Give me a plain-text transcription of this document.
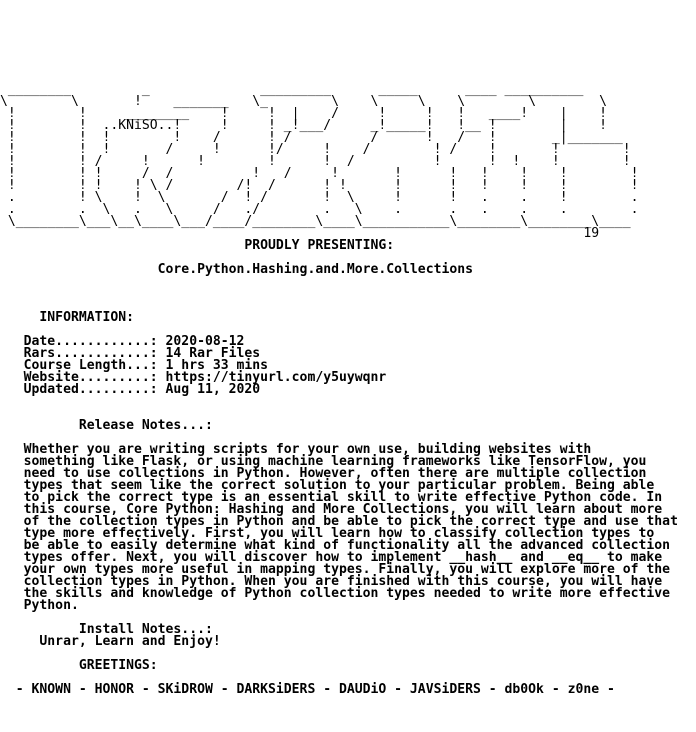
________         _              _________      _____      ____ __________
\        \       !    _______   \_        \    \     \    \        \        \
!        !     ________    !     !  |    /     !     !   !   ____!    |    !
!        !  ..KNiSO..!     !     ! _!___/     _!_____!   !__ !        |    !
!        !  !        !    /      ! /          /      !   /   !       _|_______
!        !  !       /     !      !/     !    /        ! /    !       !        !
!        ! /     !      !        !      !  /          !      !  !    !        !
!        ! !     /  /          !   /     !       !      !   !    !    !        !
!        ! !    ! \ /        /!  /      ! !      !      !   !    !    !        !
.        ! \    !  \       /  ! /       !  \     !      !   .    .    !        .
.        .  \   .   \     /   ./        .   \    .      .   .    .    .        .
\________\___\__\____\___/____/________\____\___________\________\________\____
19
PROUDLY PRESENTING:
Core.Python.Hashing.and.More.Collections
INFORMATION:
Date............: 2020-08-12
Rars............: 14 Rar Files
Course Length...: 1 hrs 33 mins
Website.........: https://tinyurl.com/y5uywqnr
Updated.........: Aug 11, 2020
Release Notes...:
Whether you are writing scripts for your own use, building websites with
something like Flask, or using machine learning frameworks like TensorFlow, you
need to use collections in Python. However, often there are multiple collection
types that seem like the correct solution to your particular problem. Being able
to pick the correct type is an essential skill to write effective Python code. In
this course, Core Python: Hashing and More Collections, you will learn about more
of the collection types in Python and be able to pick the correct type and use that
type more effectively. First, you will learn how to classify collection types to
be able to easily determine what kind of functionality all the advanced collection
types offer. Next, you will discover how to implement __hash__ and __eq__ to make
your own types more useful in mapping types. Finally, you will explore more of the
collection types in Python. When you are finished with this course, you will have
the skills and knowledge of Python collection types needed to write more effective
Python.
Install Notes...:
Unrar, Learn and Enjoy!
GREETINGS:
- KNOWN - HONOR - SKiDROW - DARKSiDERS - DAUDiO - JAVSiDERS - db0Ok - z0ne -
